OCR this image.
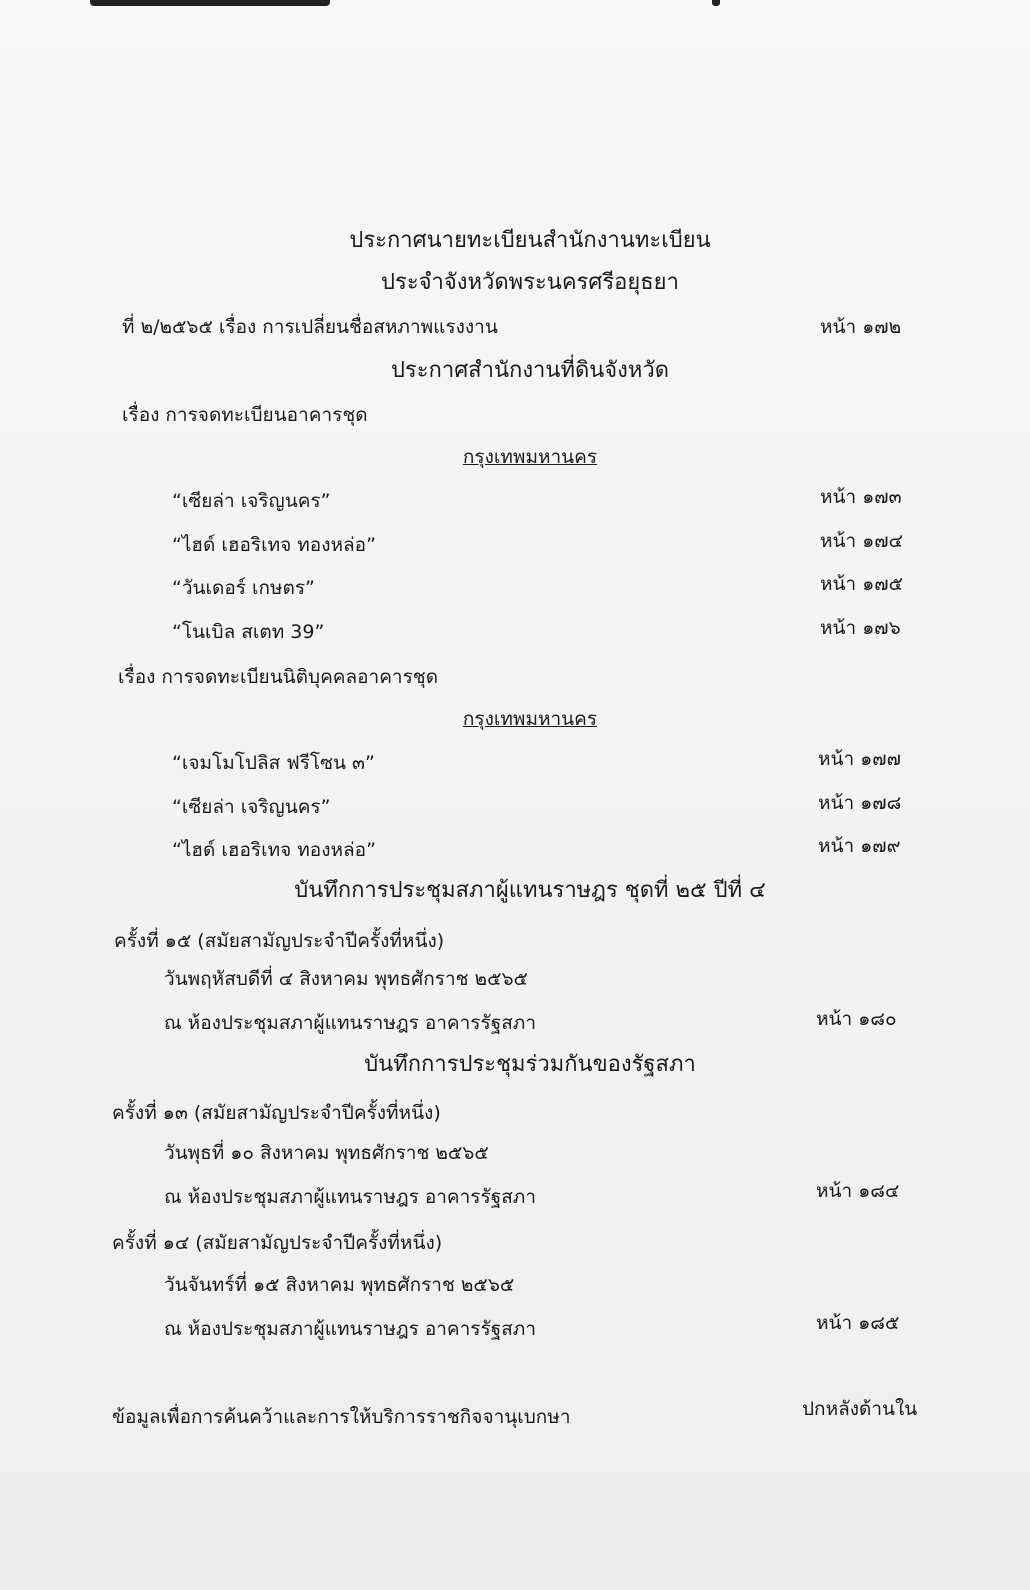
ประกาศนายทะเบียนสำนักงานทะเบียน
ประจำจังหวัดพระนครศรีอยุธยา
ที่ ๒/๒๕๖๕ เรื่อง การเปลี่ยนชื่อสหภาพแรงงาน	หน้า ๑๗๒
ประกาศสำนักงานที่ดินจังหวัด
เรื่อง การจดทะเบียนอาคารชุด
กรุงเทพมหานคร
“เซียล่า เจริญนคร”	หน้า ๑๗๓
“ไฮด์ เฮอริเทจ ทองหล่อ”	หน้า ๑๗๔
“วันเดอร์ เกษตร”	หน้า ๑๗๕
“โนเบิล สเตท 39”	หน้า ๑๗๖
เรื่อง การจดทะเบียนนิติบุคคลอาคารชุด
กรุงเทพมหานคร
“เจมโมโปลิส ฟรีโซน ๓”	หน้า ๑๗๗
“เซียล่า เจริญนคร”	หน้า ๑๗๘
“ไฮด์ เฮอริเทจ ทองหล่อ”	หน้า ๑๗๙
บันทึกการประชุมสภาผู้แทนราษฎร ชุดที่ ๒๕ ปีที่ ๔
ครั้งที่ ๑๕ (สมัยสามัญประจำปีครั้งที่หนึ่ง)
วันพฤหัสบดีที่ ๔ สิงหาคม พุทธศักราช ๒๕๖๕
ณ ห้องประชุมสภาผู้แทนราษฎร อาคารรัฐสภา	หน้า ๑๘๐
บันทึกการประชุมร่วมกันของรัฐสภา
ครั้งที่ ๑๓ (สมัยสามัญประจำปีครั้งที่หนึ่ง)
วันพุธที่ ๑๐ สิงหาคม พุทธศักราช ๒๕๖๕
ณ ห้องประชุมสภาผู้แทนราษฎร อาคารรัฐสภา	หน้า ๑๘๔
ครั้งที่ ๑๔ (สมัยสามัญประจำปีครั้งที่หนึ่ง)
วันจันทร์ที่ ๑๕ สิงหาคม พุทธศักราช ๒๕๖๕
ณ ห้องประชุมสภาผู้แทนราษฎร อาคารรัฐสภา	หน้า ๑๘๕
ข้อมูลเพื่อการค้นคว้าและการให้บริการราชกิจจานุเบกษา	ปกหลังด้านใน
